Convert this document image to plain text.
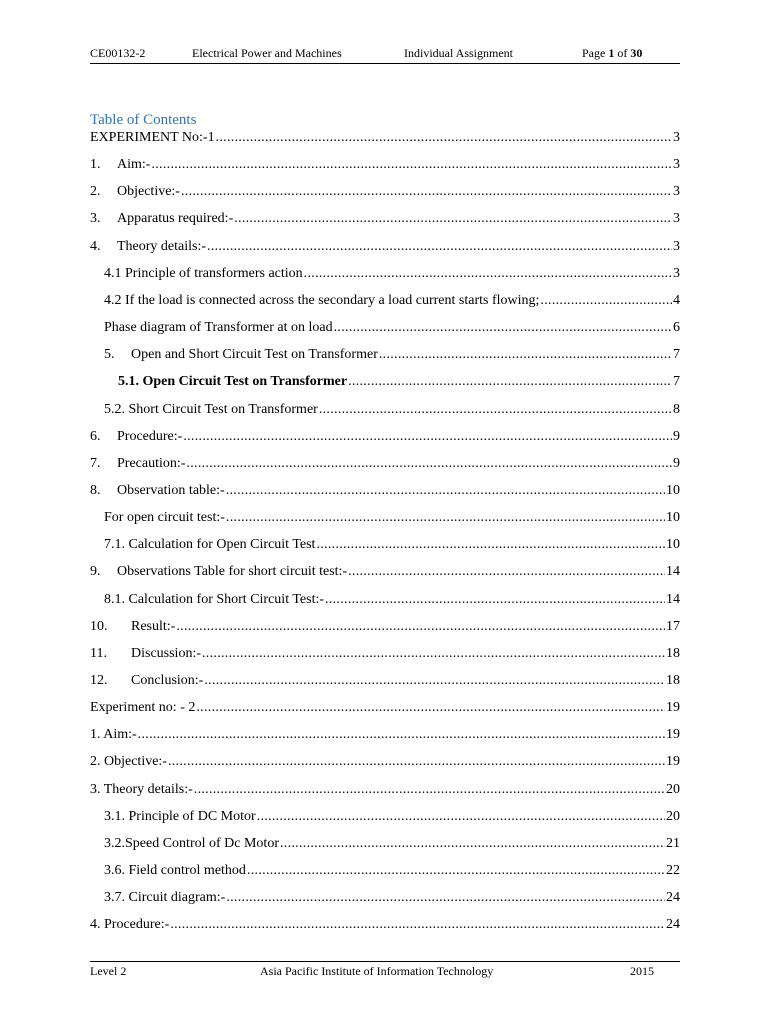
CE00132-2	Electrical Power and Machines	Individual Assignment	Page 1 of 30
Table of Contents
EXPERIMENT No:-1 . . .	3
1.	Aim:- . . .	3
2.	Objective:- . . .	3
3.	Apparatus required:- . . .	3
4.	Theory details:- . . .	3
4.1 Principle of transformers action . . .	3
4.2 If the load is connected across the secondary a load current starts flowing; . . .	4
Phase diagram of Transformer at on load . . .	6
5.	Open and Short Circuit Test on Transformer . . .	7
5.1. Open Circuit Test on Transformer . . .	7
5.2. Short Circuit Test on Transformer . . .	8
6.	Procedure:- . . .	9
7.	Precaution:- . . .	9
8.	Observation table:- . . .	10
For open circuit test:- . . .	10
7.1. Calculation for Open Circuit Test . . .	10
9.	Observations Table for short circuit test:- . . .	14
8.1. Calculation for Short Circuit Test:- . . .	14
10.	Result:- . . .	17
11.	Discussion:- . . .	18
12.	Conclusion:- . . .	18
Experiment no: - 2 . . .	19
1. Aim:- . . .	19
2. Objective:- . . .	19
3. Theory details:- . . .	20
3.1. Principle of DC Motor . . .	20
3.2.Speed Control of Dc Motor . . .	21
3.6. Field control method . . .	22
3.7. Circuit diagram:- . . .	24
4. Procedure:- . . .	24
Level 2	Asia Pacific Institute of Information Technology	2015
